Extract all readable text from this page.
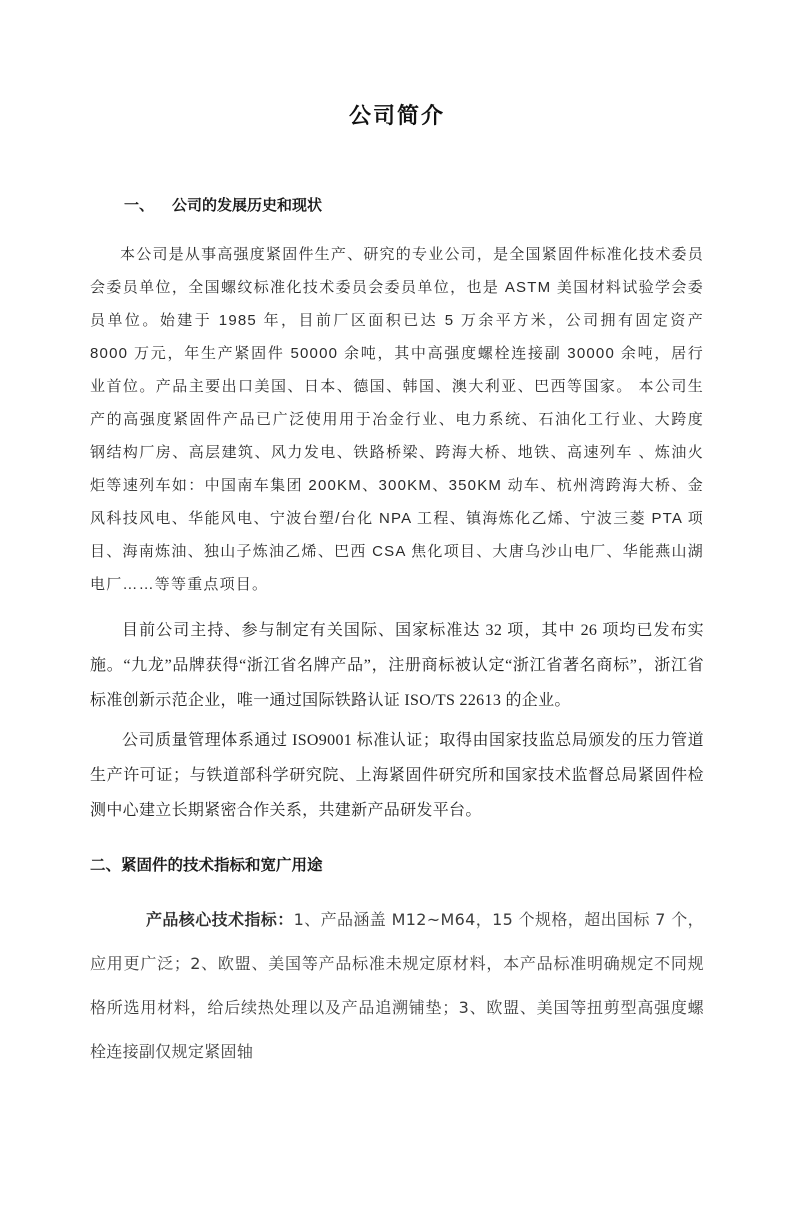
公司简介
一、 公司的发展历史和现状

本公司是从事高强度紧固件生产、研究的专业公司，是全国紧固件标准化技术委员会委员单位，全国螺纹标准化技术委员会委员单位，也是 ASTM 美国材料试验学会委员单位。始建于 1985 年，目前厂区面积已达 5 万余平方米，公司拥有固定资产 8000 万元，年生产紧固件 50000 余吨，其中高强度螺栓连接副 30000 余吨，居行业首位。产品主要出口美国、日本、德国、韩国、澳大利亚、巴西等国家。 本公司生产的高强度紧固件产品已广泛使用用于冶金行业、电力系统、石油化工行业、大跨度钢结构厂房、高层建筑、风力发电、铁路桥梁、跨海大桥、地铁、高速列车 、炼油火炬等速列车如：中国南车集团 200KM、300KM、350KM 动车、杭州湾跨海大桥、金风科技风电、华能风电、宁波台塑/台化 NPA 工程、镇海炼化乙烯、宁波三菱 PTA 项目、海南炼油、独山子炼油乙烯、巴西 CSA 焦化项目、大唐乌沙山电厂、华能燕山湖电厂……等等重点项目。

目前公司主持、参与制定有关国际、国家标准达 32 项，其中 26 项均已发布实施。“九龙”品牌获得“浙江省名牌产品”，注册商标被认定“浙江省著名商标”，浙江省标准创新示范企业，唯一通过国际铁路认证 ISO/TS 22613 的企业。

公司质量管理体系通过 ISO9001 标准认证；取得由国家技监总局颁发的压力管道生产许可证；与铁道部科学研究院、上海紧固件研究所和国家技术监督总局紧固件检测中心建立长期紧密合作关系，共建新产品研发平台。

二、紧固件的技术指标和宽广用途

产品核心技术指标：1、产品涵盖 M12~M64，15 个规格，超出国标 7 个，应用更广泛；2、欧盟、美国等产品标准未规定原材料，本产品标准明确规定不同规格所选用材料，给后续热处理以及产品追溯铺垫；3、欧盟、美国等扭剪型高强度螺栓连接副仅规定紧固轴
